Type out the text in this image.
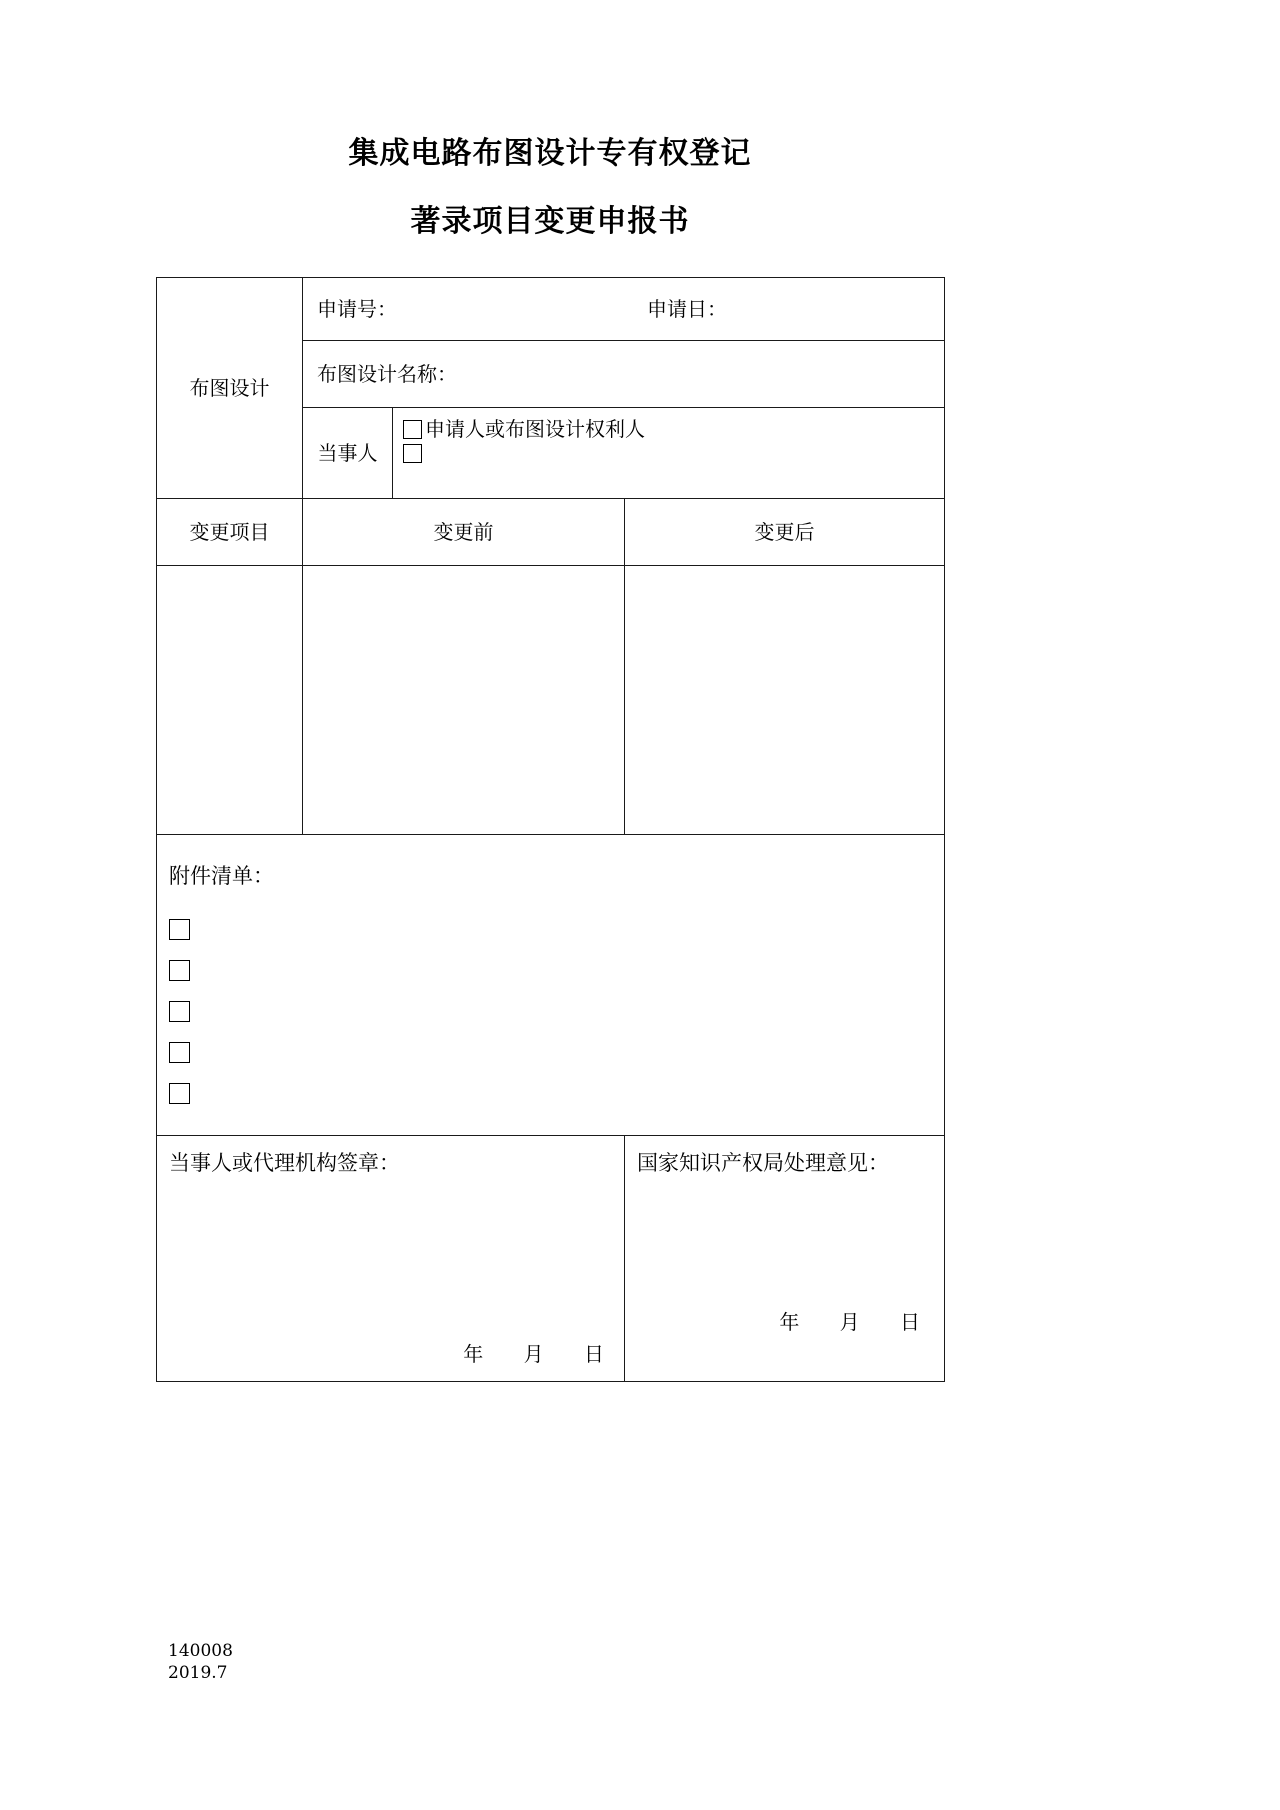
集成电路布图设计专有权登记
著录项目变更申报书
布图设计	申请号： 申请日：		

	布图设计名称：		

	当事人	申请人或布图设计权利人	

变更项目	变更前		变更后

附件清单：			

当事人或代理机构签章：
年 月 日

国家知识产权局处理意见：
年 月 日
140008
2019.7
